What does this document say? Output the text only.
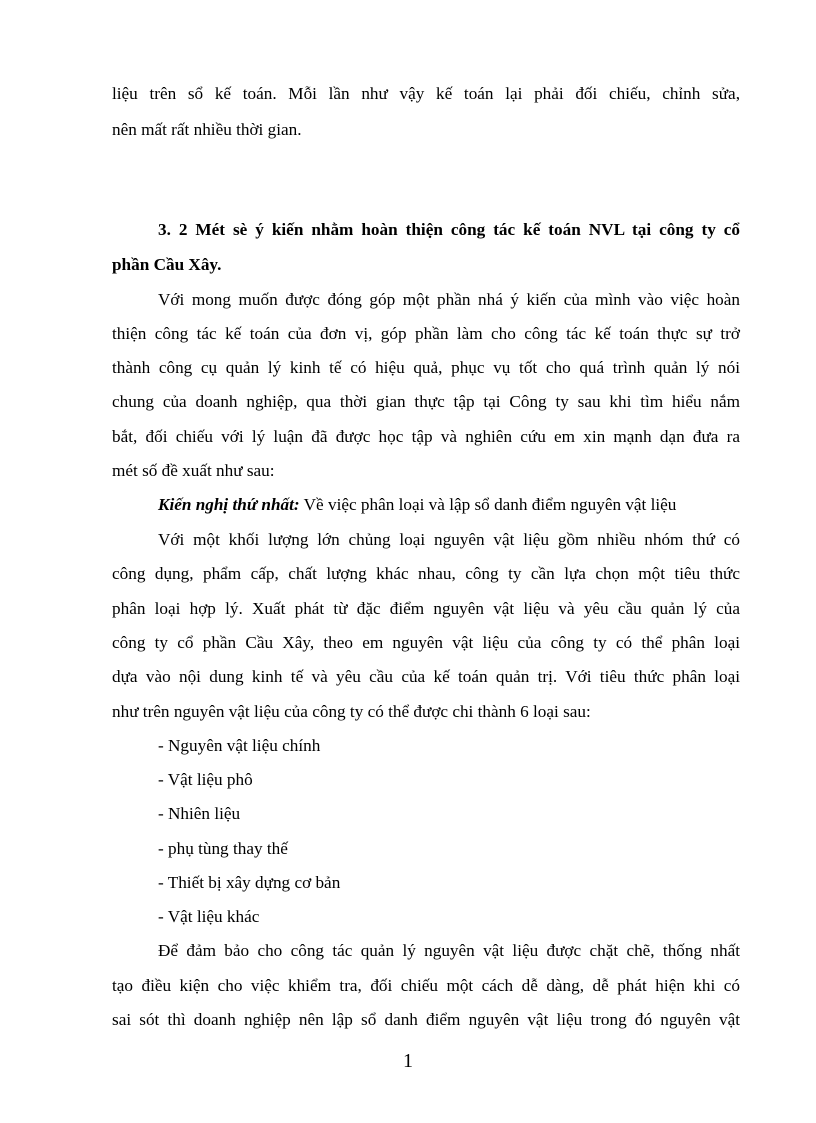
liệu trên sổ kế toán. Mỗi lần như vậy kế toán lại phải đối chiếu, chỉnh sửa,
nên mất rất nhiều thời gian.
3. 2 Mét sè ý kiến nhằm hoàn thiện công tác kế toán NVL tại công ty cổ
phần Cầu Xây.
Với mong muốn được đóng góp một phần nhá ý kiến của mình vào việc hoàn
thiện công tác kế toán của đơn vị, góp phần làm cho công tác kế toán thực sự trở
thành công cụ quản lý kinh tế có hiệu quả, phục vụ tốt cho quá trình quản lý nói
chung của doanh nghiệp, qua thời gian thực tập tại Công ty sau khi tìm hiểu nắm
bắt, đối chiếu với lý luận đã được học tập và nghiên cứu em xin mạnh dạn đưa ra
mét số đề xuất như sau:
Kiến nghị thứ nhất: Về việc phân loại và lập sổ danh điểm nguyên vật liệu
Với một khối lượng lớn chủng loại nguyên vật liệu gồm nhiều nhóm thứ có
công dụng, phẩm cấp, chất lượng khác nhau, công ty cần lựa chọn một tiêu thức
phân loại hợp lý. Xuất phát từ đặc điểm nguyên vật liệu và yêu cầu quản lý của
công ty cổ phần Cầu Xây, theo em nguyên vật liệu của công ty có thể phân loại
dựa vào nội dung kinh tế và yêu cầu của kế toán quản trị. Với tiêu thức phân loại
như trên nguyên vật liệu của công ty có thể được chi thành 6 loại sau:
- Nguyên vật liệu chính
- Vật liệu phô
- Nhiên liệu
- phụ tùng thay thế
- Thiết bị xây dựng cơ bản
- Vật liệu khác
Để đảm bảo cho công tác quản lý nguyên vật liệu được chặt chẽ, thống nhất
tạo điều kiện cho việc khiểm tra, đối chiếu một cách dễ dàng, dễ phát hiện khi có
sai sót thì doanh nghiệp nên lập sổ danh điểm nguyên vật liệu trong đó nguyên vật
1
